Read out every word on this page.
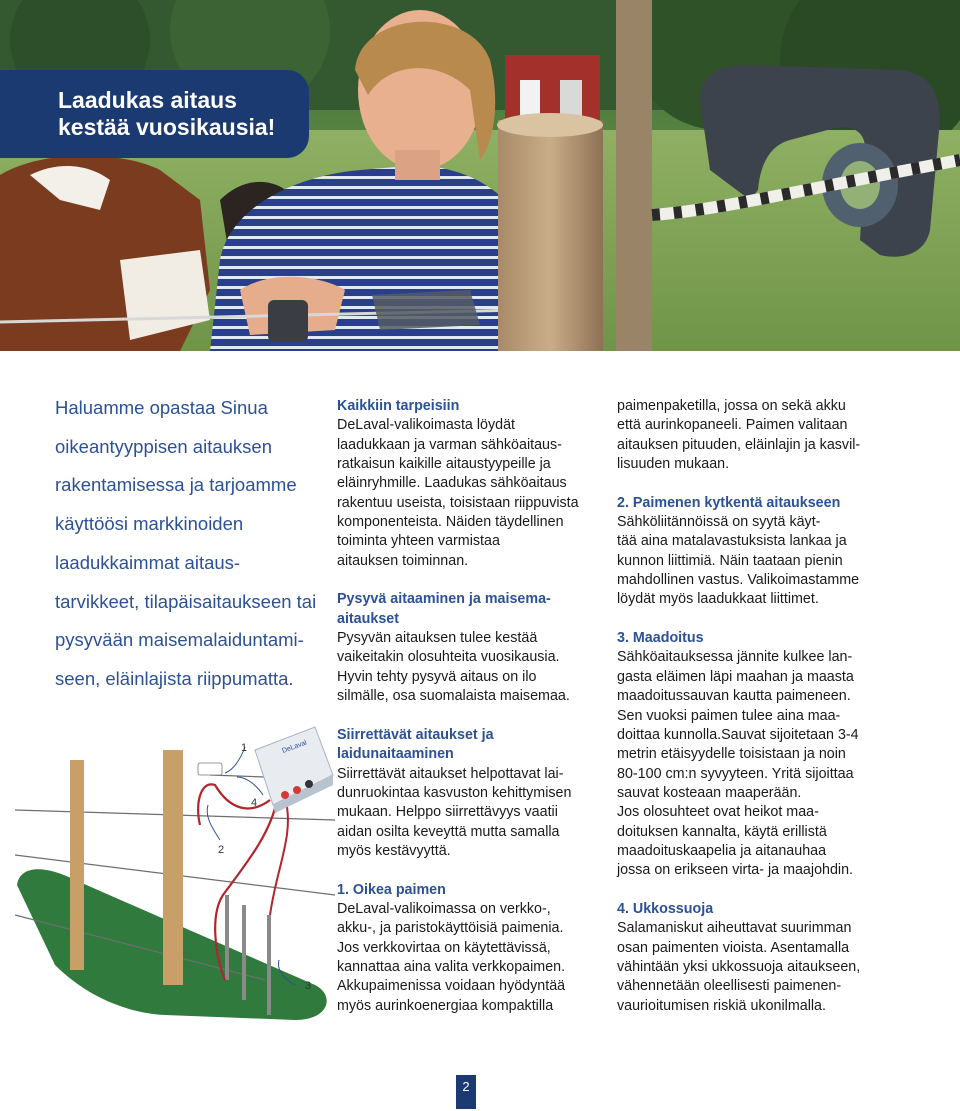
Laadukas aitaus
kestää vuosikausia!
Haluamme opastaa Sinua
oikeantyyppisen aitauksen
rakentamisessa ja tarjoamme
käyttöösi markkinoiden
laadukkaimmat aitaus-
tarvikkeet, tilapäisaitaukseen tai
pysyvään maisemalaiduntami-
seen, eläinlajista riippumatta.
DeLaval
1
2
3
4
Kaikkiin tarpeisiin
DeLaval-valikoimasta löydät
laadukkaan ja varman sähköaitaus-
ratkaisun kaikille aitaustyypeille ja
eläinryhmille. Laadukas sähköaitaus
rakentuu useista, toisistaan riippuvista
komponenteista. Näiden täydellinen
toiminta yhteen varmistaa
aitauksen toiminnan.
Pysyvä aitaaminen ja maisema-
aitaukset
Pysyvän aitauksen tulee kestää
vaikeitakin olosuhteita vuosikausia.
Hyvin tehty pysyvä aitaus on ilo
silmälle, osa suomalaista maisemaa.
Siirrettävät aitaukset ja
laidunaitaaminen
Siirrettävät aitaukset helpottavat lai-
dunruokintaa kasvuston kehittymisen
mukaan. Helppo siirrettävyys vaatii
aidan osilta keveyttä mutta samalla
myös kestävyyttä.
1. Oikea paimen
DeLaval-valikoimassa on verkko-,
akku-, ja paristokäyttöisiä paimenia.
Jos verkkovirtaa on käytettävissä,
kannattaa aina valita verkkopaimen.
Akkupaimenissa voidaan hyödyntää
myös aurinkoenergiaa kompaktilla
paimenpaketilla, jossa on sekä akku
että aurinkopaneeli. Paimen valitaan
aitauksen pituuden, eläinlajin ja kasvil-
lisuuden mukaan.
2. Paimenen kytkentä aitaukseen
Sähköliitännöissä on syytä käyt-
tää aina matalavastuksista lankaa ja
kunnon liittimiä. Näin taataan pienin
mahdollinen vastus. Valikoimastamme
löydät myös laadukkaat liittimet.
3. Maadoitus
Sähköaitauksessa jännite kulkee lan-
gasta eläimen läpi maahan ja maasta
maadoitussauvan kautta paimeneen.
Sen vuoksi paimen tulee aina maa-
doittaa kunnolla.Sauvat sijoitetaan 3-4
metrin etäisyydelle toisistaan ja noin
80-100 cm:n syvyyteen. Yritä sijoittaa
sauvat kosteaan maaperään.
Jos olosuhteet ovat heikot maa-
doituksen kannalta, käytä erillistä
maadoituskaapelia ja aitanauhaa
jossa on erikseen virta- ja maajohdin.
4. Ukkossuoja
Salamaniskut aiheuttavat suurimman
osan paimenten vioista. Asentamalla
vähintään yksi ukkossuoja aitaukseen,
vähennetään oleellisesti paimenen-
vaurioitumisen riskiä ukonilmalla.
2
